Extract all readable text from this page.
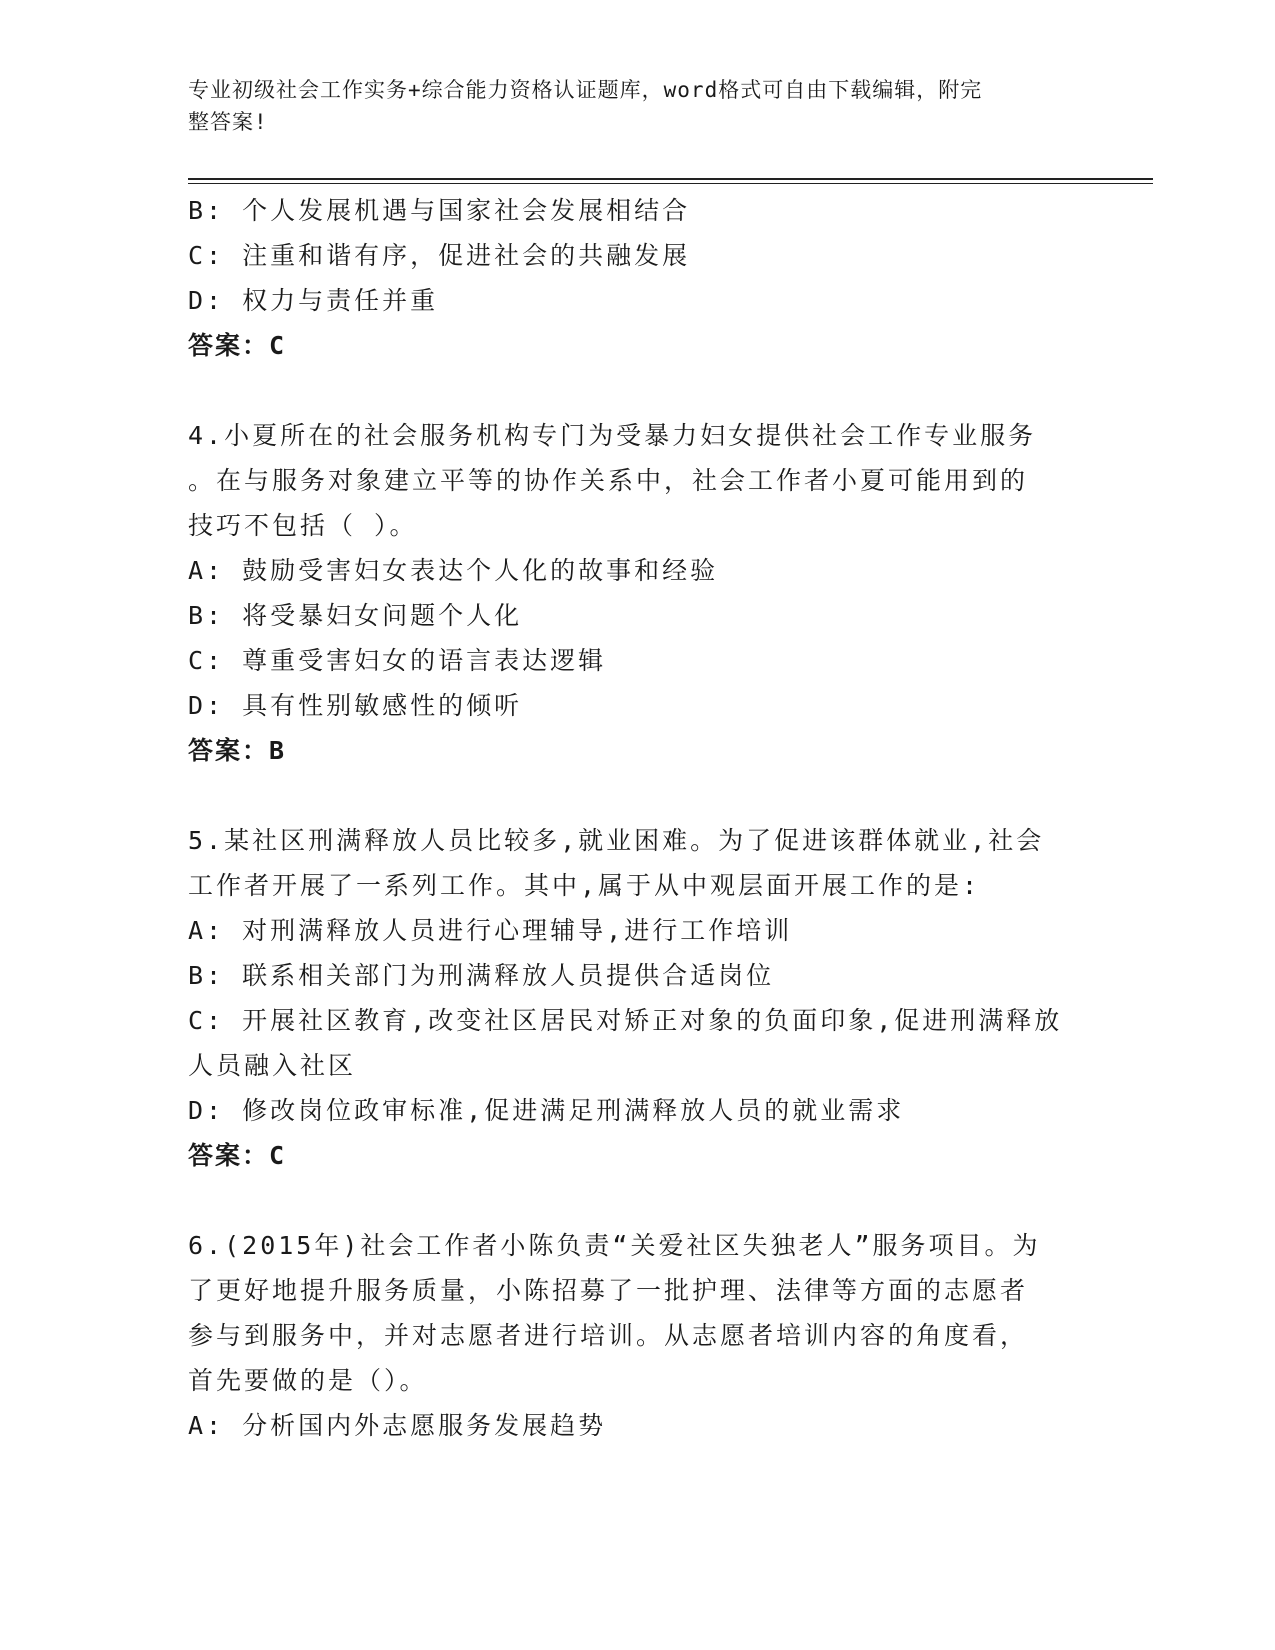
专业初级社会工作实务+综合能力资格认证题库，word格式可自由下载编辑，附完
整答案!
B: 个人发展机遇与国家社会发展相结合
C: 注重和谐有序，促进社会的共融发展
D: 权力与责任并重
答案：C
4.小夏所在的社会服务机构专门为受暴力妇女提供社会工作专业服务
。在与服务对象建立平等的协作关系中，社会工作者小夏可能用到的
技巧不包括（ ）。
A: 鼓励受害妇女表达个人化的故事和经验
B: 将受暴妇女问题个人化
C: 尊重受害妇女的语言表达逻辑
D: 具有性别敏感性的倾听
答案：B
5.某社区刑满释放人员比较多,就业困难。为了促进该群体就业,社会
工作者开展了一系列工作。其中,属于从中观层面开展工作的是:
A: 对刑满释放人员进行心理辅导,进行工作培训
B: 联系相关部门为刑满释放人员提供合适岗位
C: 开展社区教育,改变社区居民对矫正对象的负面印象,促进刑满释放
人员融入社区
D: 修改岗位政审标准,促进满足刑满释放人员的就业需求
答案：C
6.(2015年)社会工作者小陈负责“关爱社区失独老人”服务项目。为
了更好地提升服务质量，小陈招募了一批护理、法律等方面的志愿者
参与到服务中，并对志愿者进行培训。从志愿者培训内容的角度看，
首先要做的是（）。
A: 分析国内外志愿服务发展趋势
